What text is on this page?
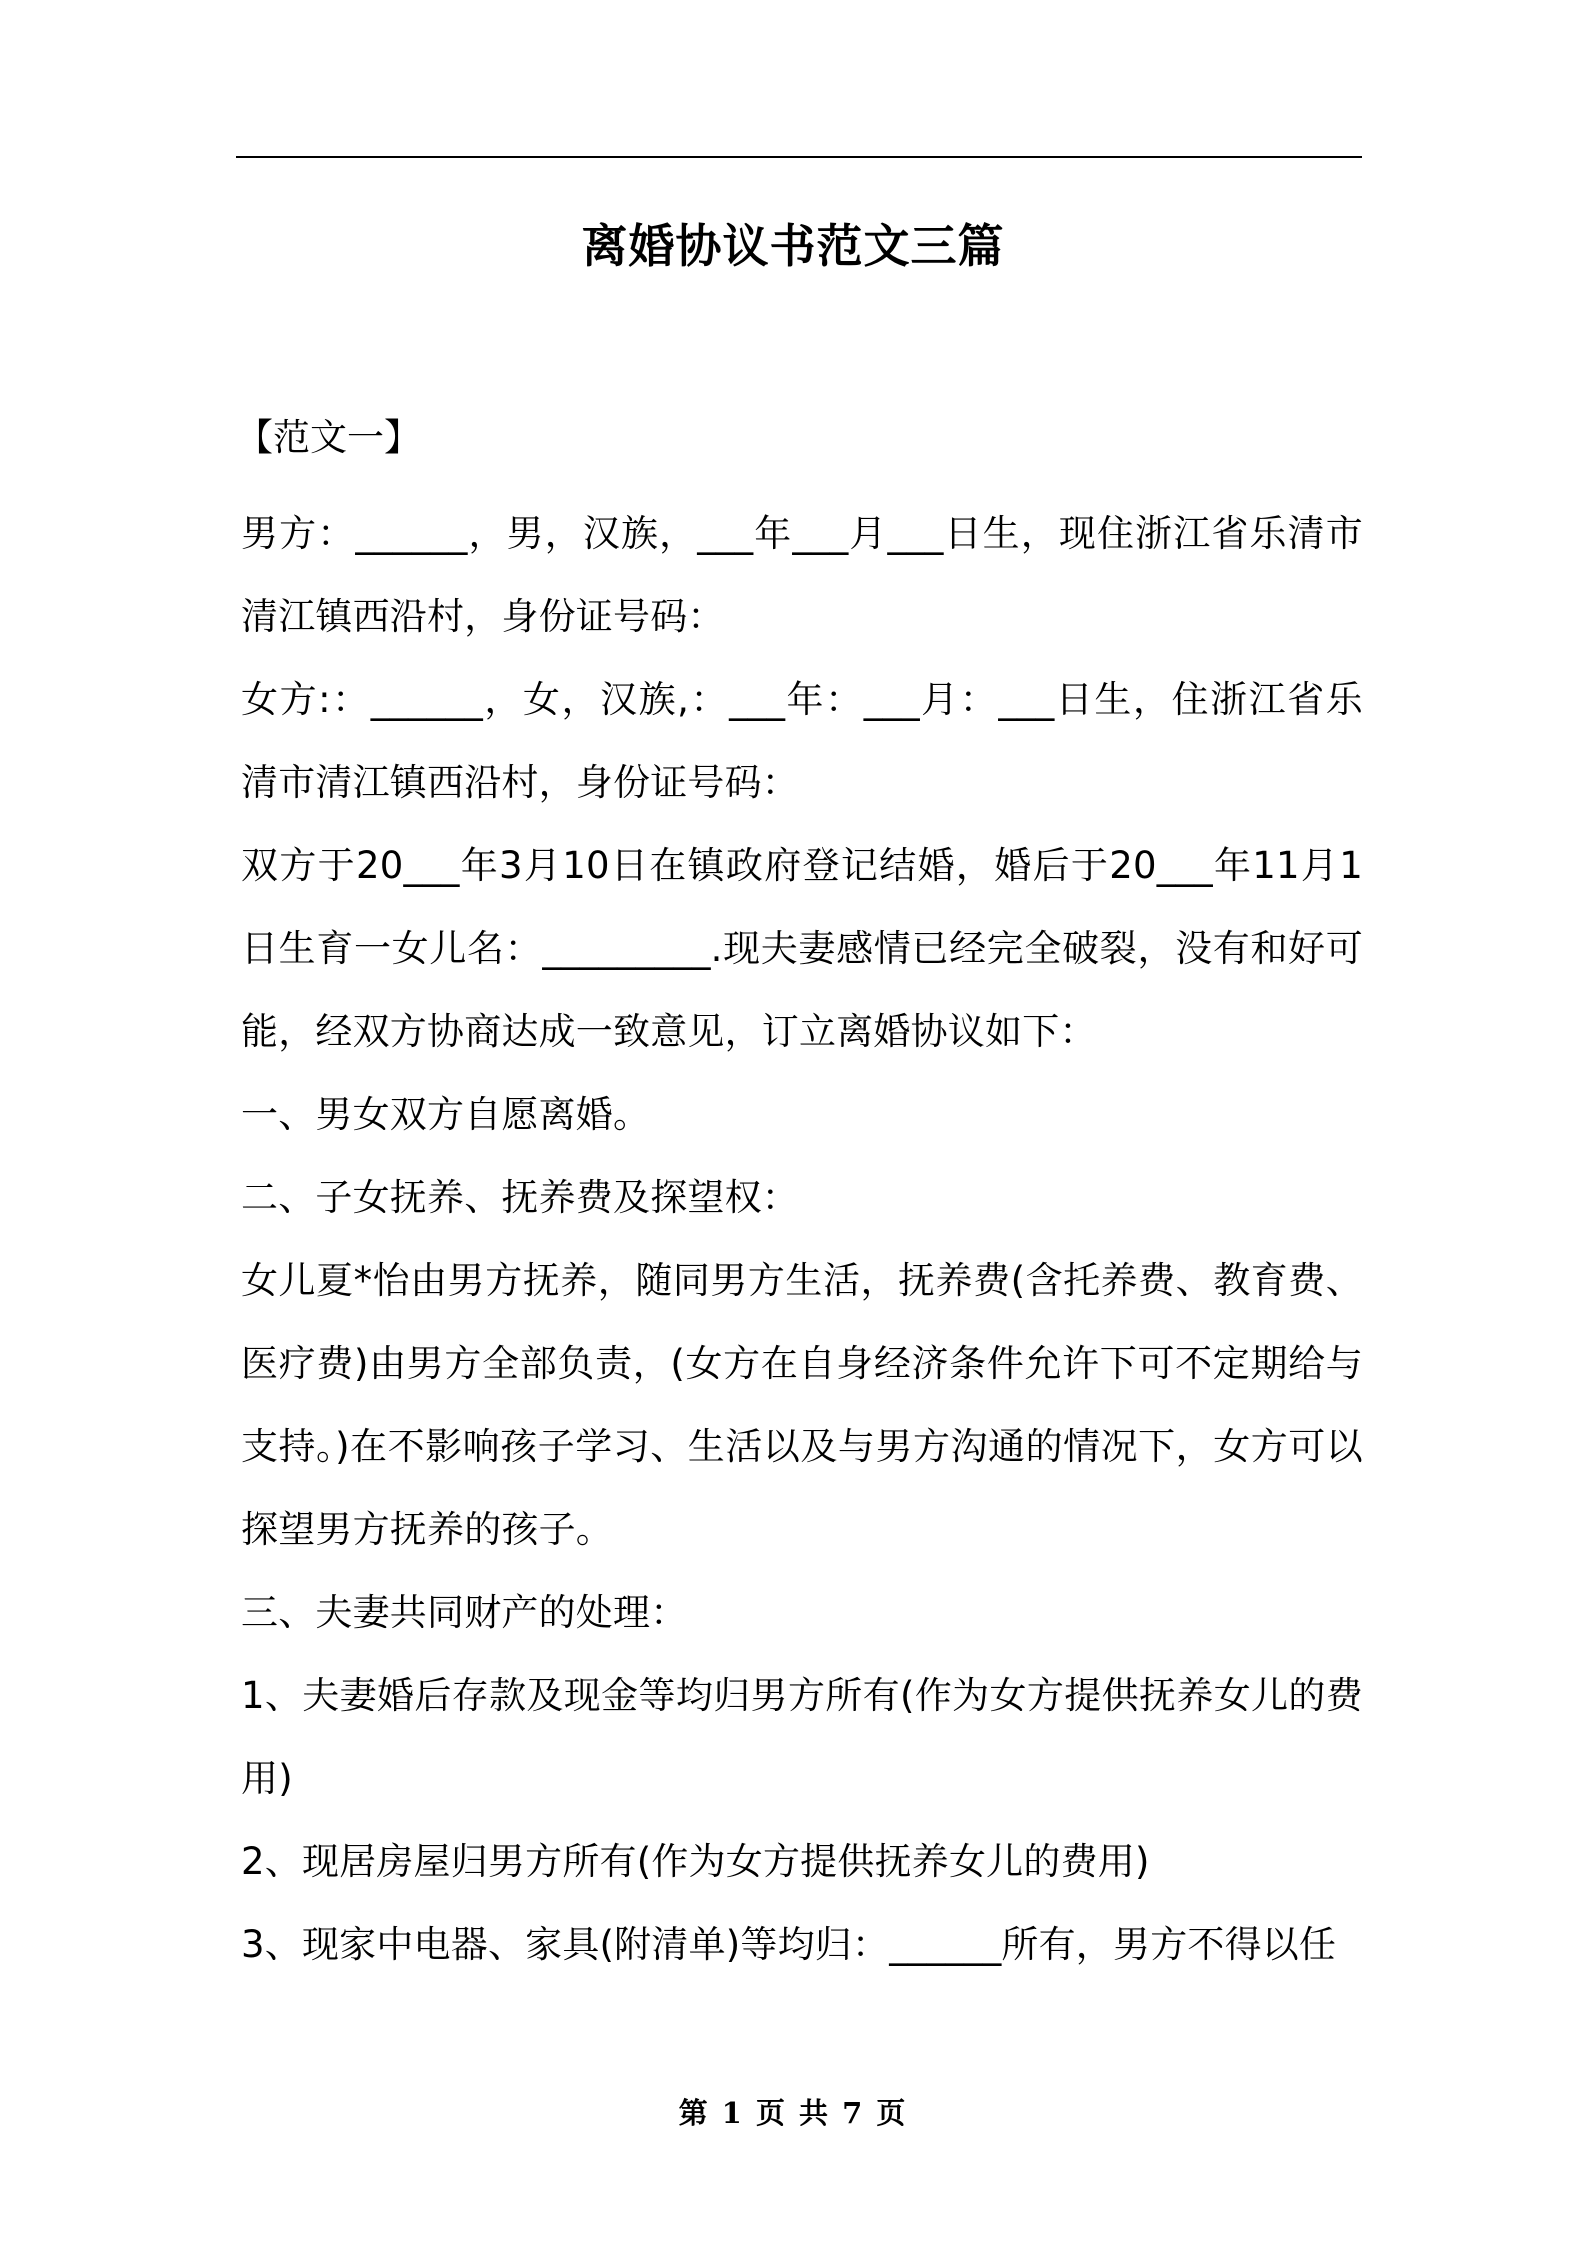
离婚协议书范文三篇
【范文一】

男方：______，男，汉族，___年___月___日生，现住浙江省乐清市清江镇西沿村，身份证号码：

女方:：______，女，汉族,：___年：___月：___日生，住浙江省乐清市清江镇西沿村，身份证号码：

双方于20___年3月10日在镇政府登记结婚，婚后于20___年11月1日生育一女儿名：_________.现夫妻感情已经完全破裂，没有和好可能，经双方协商达成一致意见，订立离婚协议如下：

一、男女双方自愿离婚。

二、子女抚养、抚养费及探望权：

女儿夏*怡由男方抚养，随同男方生活，抚养费(含托养费、教育费、医疗费)由男方全部负责，(女方在自身经济条件允许下可不定期给与支持。)在不影响孩子学习、生活以及与男方沟通的情况下，女方可以探望男方抚养的孩子。

三、夫妻共同财产的处理：

1、夫妻婚后存款及现金等均归男方所有(作为女方提供抚养女儿的费用)

2、现居房屋归男方所有(作为女方提供抚养女儿的费用)

3、现家中电器、家具(附清单)等均归：______所有，男方不得以任

第 1 页 共 7 页
